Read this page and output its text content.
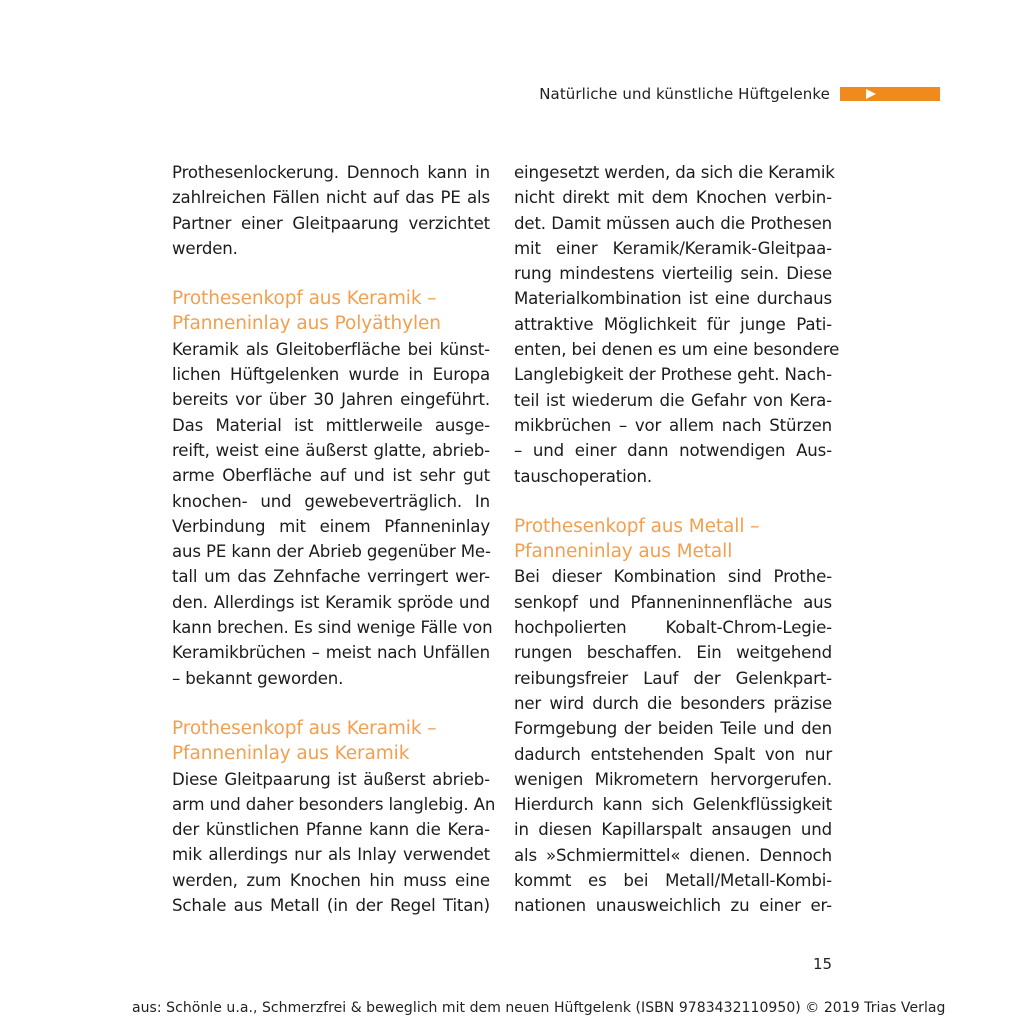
Natürliche und künstliche Hüftgelenke

Prothesenlockerung. Dennoch kann in
zahlreichen Fällen nicht auf das PE als
Partner einer Gleitpaarung verzichtet
werden.

Prothesenkopf aus Keramik –
Pfanneninlay aus Polyäthylen

Keramik als Gleitoberfläche bei künst-
lichen Hüftgelenken wurde in Europa
bereits vor über 30 Jahren eingeführt.
Das Material ist mittlerweile ausge-
reift, weist eine äußerst glatte, abrieb-
arme Oberfläche auf und ist sehr gut
knochen- und gewebeverträglich. In
Verbindung mit einem Pfanneninlay
aus PE kann der Abrieb gegenüber Me-
tall um das Zehnfache verringert wer-
den. Allerdings ist Keramik spröde und
kann brechen. Es sind wenige Fälle von
Keramikbrüchen – meist nach Unfällen
– bekannt geworden.

Prothesenkopf aus Keramik –
Pfanneninlay aus Keramik

Diese Gleitpaarung ist äußerst abrieb-
arm und daher besonders langlebig. An
der künstlichen Pfanne kann die Kera-
mik allerdings nur als Inlay verwendet
werden, zum Knochen hin muss eine
Schale aus Metall (in der Regel Titan)

eingesetzt werden, da sich die Keramik
nicht direkt mit dem Knochen verbin-
det. Damit müssen auch die Prothesen
mit einer Keramik/Keramik-Gleitpaa-
rung mindestens vierteilig sein. Diese
Materialkombination ist eine durchaus
attraktive Möglichkeit für junge Pati-
enten, bei denen es um eine besondere
Langlebigkeit der Prothese geht. Nach-
teil ist wiederum die Gefahr von Kera-
mikbrüchen – vor allem nach Stürzen
– und einer dann notwendigen Aus-
tauschoperation.

Prothesenkopf aus Metall –
Pfanneninlay aus Metall

Bei dieser Kombination sind Prothe-
senkopf und Pfanneninnenfläche aus
hochpolierten Kobalt-Chrom-Legie-
rungen beschaffen. Ein weitgehend
reibungsfreier Lauf der Gelenkpart-
ner wird durch die besonders präzise
Formgebung der beiden Teile und den
dadurch entstehenden Spalt von nur
wenigen Mikrometern hervorgerufen.
Hierdurch kann sich Gelenkflüssigkeit
in diesen Kapillarspalt ansaugen und
als »Schmiermittel« dienen. Dennoch
kommt es bei Metall/Metall-Kombi-
nationen unausweichlich zu einer er-

15
aus: Schönle u.a., Schmerzfrei & beweglich mit dem neuen Hüftgelenk (ISBN 9783432110950) © 2019 Trias Verlag
